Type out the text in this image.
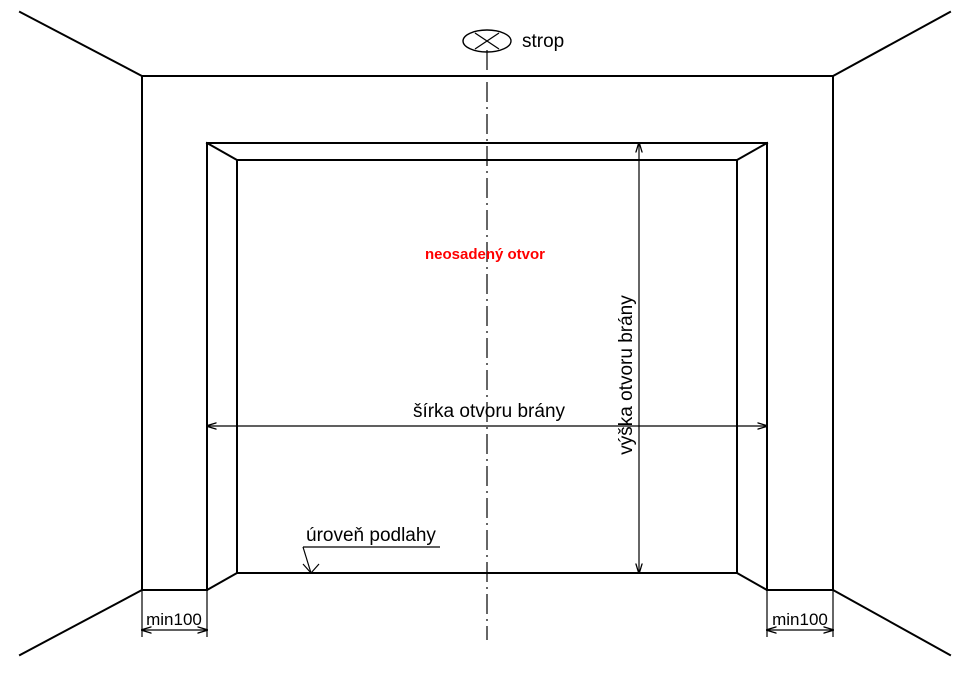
strop
neosadený otvor
šírka otvoru brány	výška otvoru brány
úroveň podlahy
min100	min100
